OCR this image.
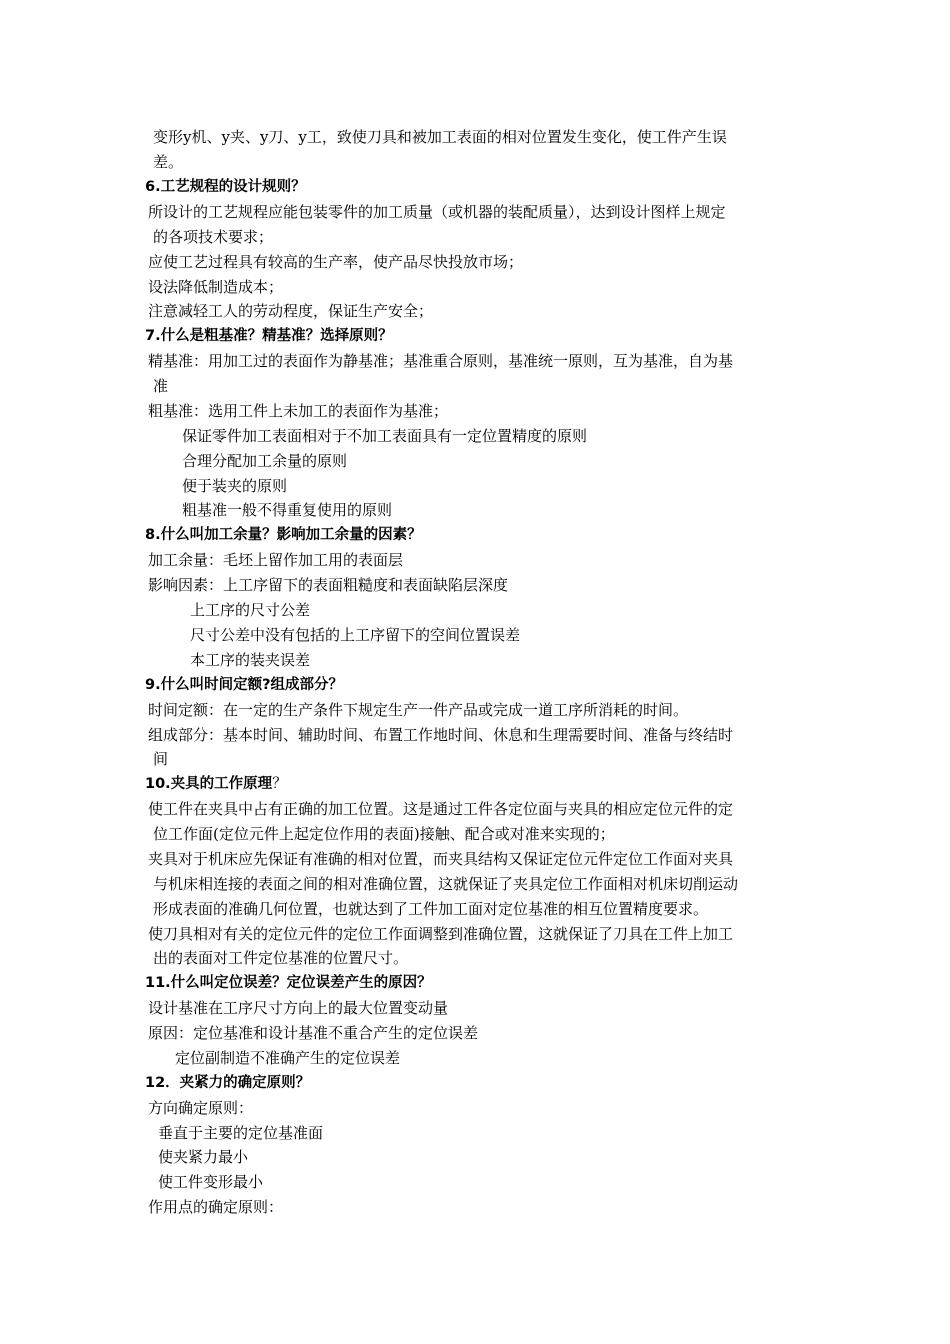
变形y机、y夹、y刀、y工，致使刀具和被加工表面的相对位置发生变化，使工件产生误
差。
6.工艺规程的设计规则？
所设计的工艺规程应能包装零件的加工质量（或机器的装配质量），达到设计图样上规定
的各项技术要求；
应使工艺过程具有较高的生产率，使产品尽快投放市场；
设法降低制造成本；
注意减轻工人的劳动程度，保证生产安全；
7.什么是粗基准？精基准？选择原则？
精基准：用加工过的表面作为静基准；基准重合原则，基准统一原则，互为基准，自为基
准
粗基准：选用工件上未加工的表面作为基准；
保证零件加工表面相对于不加工表面具有一定位置精度的原则
合理分配加工余量的原则
便于装夹的原则
粗基准一般不得重复使用的原则
8.什么叫加工余量？影响加工余量的因素？
加工余量：毛坯上留作加工用的表面层
影响因素：上工序留下的表面粗糙度和表面缺陷层深度
上工序的尺寸公差
尺寸公差中没有包括的上工序留下的空间位置误差
本工序的装夹误差
9.什么叫时间定额?组成部分？
时间定额：在一定的生产条件下规定生产一件产品或完成一道工序所消耗的时间。
组成部分：基本时间、辅助时间、布置工作地时间、休息和生理需要时间、准备与终结时
间
10.夹具的工作原理？
使工件在夹具中占有正确的加工位置。这是通过工件各定位面与夹具的相应定位元件的定
位工作面(定位元件上起定位作用的表面)接触、配合或对准来实现的；
夹具对于机床应先保证有准确的相对位置，而夹具结构又保证定位元件定位工作面对夹具
与机床相连接的表面之间的相对准确位置，这就保证了夹具定位工作面相对机床切削运动
形成表面的准确几何位置，也就达到了工件加工面对定位基准的相互位置精度要求。
使刀具相对有关的定位元件的定位工作面调整到准确位置，这就保证了刀具在工件上加工
出的表面对工件定位基准的位置尺寸。
11.什么叫定位误差？定位误差产生的原因？
设计基准在工序尺寸方向上的最大位置变动量
原因：定位基准和设计基准不重合产生的定位误差
定位副制造不准确产生的定位误差
12．夹紧力的确定原则？
方向确定原则：
垂直于主要的定位基准面
使夹紧力最小
使工件变形最小
作用点的确定原则：
